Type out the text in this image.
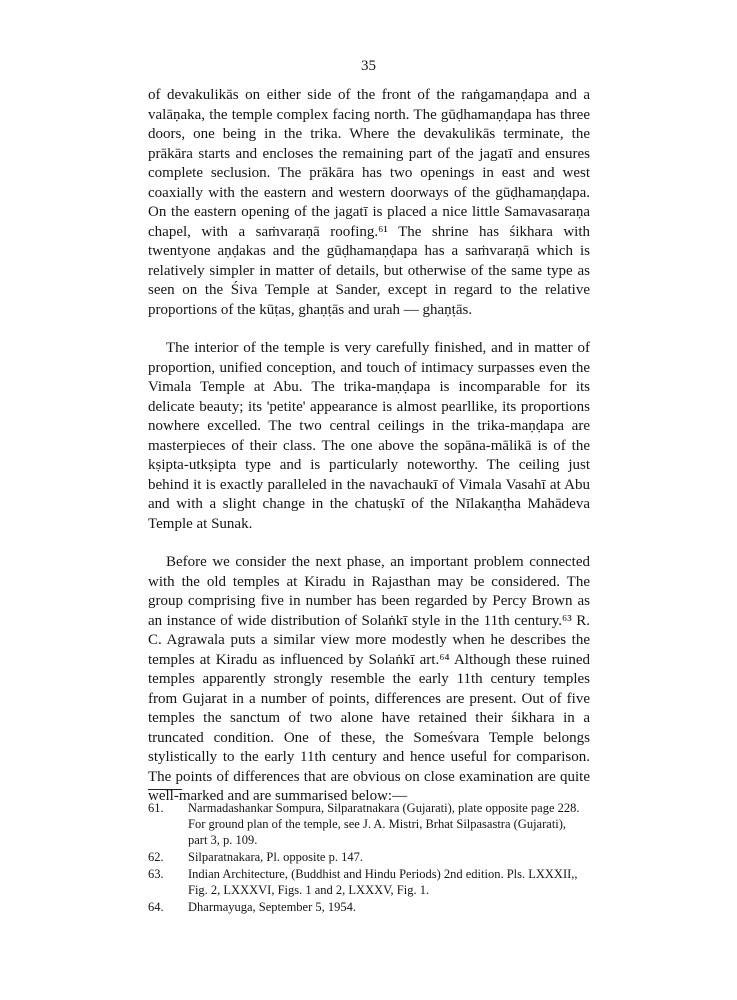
35

of devakulikās on either side of the front of the raṅgamaṇḍapa and a valāṇaka, the temple complex facing north. The gūḍhamaṇḍapa has three doors, one being in the trika. Where the devakulikās terminate, the prākāra starts and encloses the remaining part of the jagatī and ensures complete seclusion. The prākāra has two openings in east and west coaxially with the eastern and western doorways of the gūḍhamaṇḍapa. On the eastern opening of the jagatī is placed a nice little Samavasaraṇa chapel, with a saṁvaraṇā roofing.⁶¹ The shrine has śikhara with twentyone aṇḍakas and the gūḍhamaṇḍapa has a saṁvaraṇā which is relatively simpler in matter of details, but otherwise of the same type as seen on the Śiva Temple at Sander, except in regard to the relative proportions of the kūṭas, ghaṇṭās and urah — ghaṇṭās.

The interior of the temple is very carefully finished, and in matter of proportion, unified conception, and touch of intimacy surpasses even the Vimala Temple at Abu. The trika-maṇḍapa is incomparable for its delicate beauty; its 'petite' appearance is almost pearllike, its proportions nowhere excelled. The two central ceilings in the trika-maṇḍapa are masterpieces of their class. The one above the sopāna-mālikā is of the kṣipta-utkṣipta type and is particularly noteworthy. The ceiling just behind it is exactly paralleled in the navachaukī of Vimala Vasahī at Abu and with a slight change in the chatuṣkī of the Nīlakaṇṭha Mahādeva Temple at Sunak.

Before we consider the next phase, an important problem connected with the old temples at Kiradu in Rajasthan may be considered. The group comprising five in number has been regarded by Percy Brown as an instance of wide distribution of Solaṅkī style in the 11th century.⁶³ R. C. Agrawala puts a similar view more modestly when he describes the temples at Kiradu as influenced by Solaṅkī art.⁶⁴ Although these ruined temples apparently strongly resemble the early 11th century temples from Gujarat in a number of points, differences are present. Out of five temples the sanctum of two alone have retained their śikhara in a truncated condition. One of these, the Someśvara Temple belongs stylistically to the early 11th century and hence useful for comparison. The points of differences that are obvious on close examination are quite well-marked and are summarised below:—

61.	Narmadashankar Sompura, Silparatnakara (Gujarati), plate opposite page 228. For ground plan of the temple, see J. A. Mistri, Brhat Silpasastra (Gujarati), part 3, p. 109.
62.	Silparatnakara, Pl. opposite p. 147.
63.	Indian Architecture, (Buddhist and Hindu Periods) 2nd edition. Pls. LXXXII,, Fig. 2, LXXXVI, Figs. 1 and 2, LXXXV, Fig. 1.
64.	Dharmayuga, September 5, 1954.
